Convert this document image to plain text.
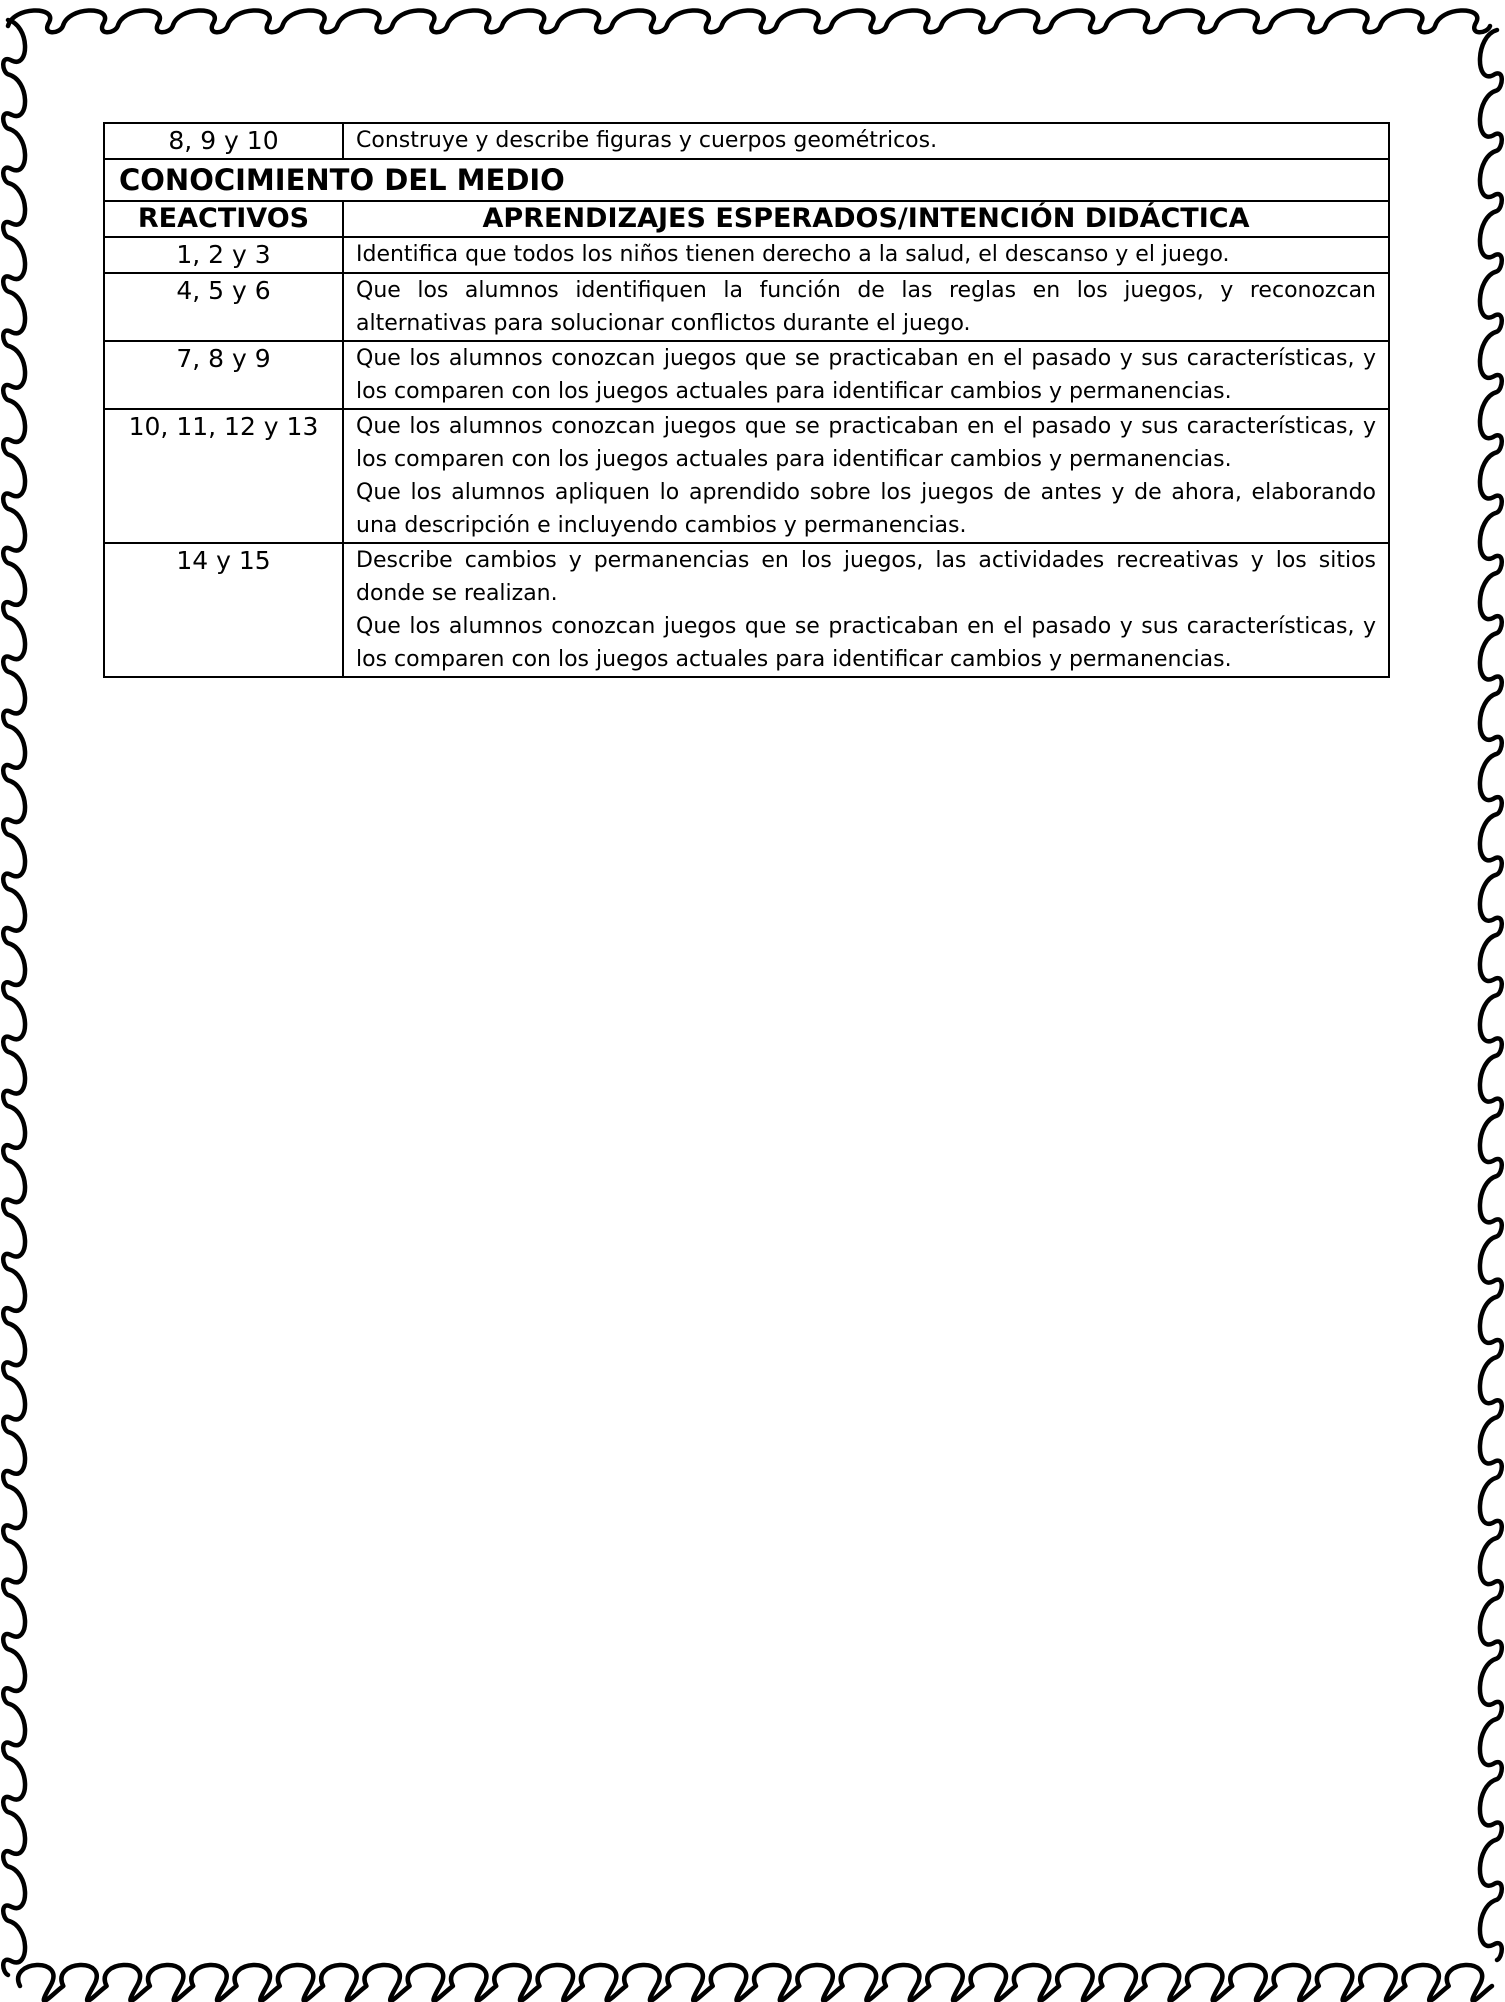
8, 9 y 10	Construye y describe figuras y cuerpos geométricos.
CONOCIMIENTO DEL MEDIO	
REACTIVOS	APRENDIZAJES ESPERADOS/INTENCIÓN DIDÁCTICA
1, 2 y 3	Identifica que todos los niños tienen derecho a la salud, el descanso y el juego.

4, 5 y 6	Que los alumnos identifiquen la función de las reglas en los juegos, y reconozcan alternativas para solucionar conflictos durante el juego.

7, 8 y 9	Que los alumnos conozcan juegos que se practicaban en el pasado y sus características, y los comparen con los juegos actuales para identificar cambios y permanencias.

10, 11, 12 y 13	Que los alumnos conozcan juegos que se practicaban en el pasado y sus características, y los comparen con los juegos actuales para identificar cambios y permanencias.
Que los alumnos apliquen lo aprendido sobre los juegos de antes y de ahora, elaborando una descripción e incluyendo cambios y permanencias.

14 y 15	Describe cambios y permanencias en los juegos, las actividades recreativas y los sitios donde se realizan.
Que los alumnos conozcan juegos que se practicaban en el pasado y sus características, y los comparen con los juegos actuales para identificar cambios y permanencias.
